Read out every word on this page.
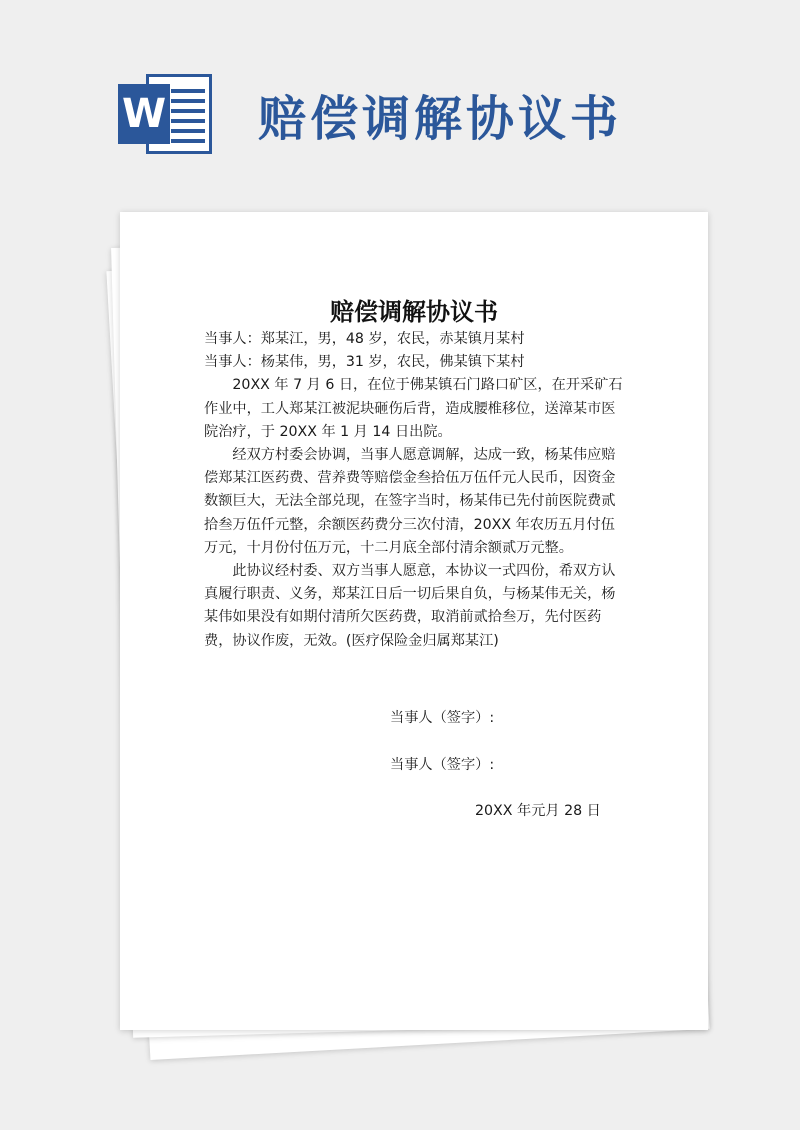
W 赔偿调解协议书
赔偿调解协议书

当事人：郑某江，男，48 岁，农民，赤某镇月某村

当事人：杨某伟，男，31 岁，农民，佛某镇下某村

20XX 年 7 月 6 日，在位于佛某镇石门路口矿区，在开采矿石作业中，工人郑某江被泥块砸伤后背，造成腰椎移位，送漳某市医院治疗，于 20XX 年 1 月 14 日出院。

经双方村委会协调，当事人愿意调解，达成一致，杨某伟应赔偿郑某江医药费、营养费等赔偿金叁拾伍万伍仟元人民币，因资金数额巨大，无法全部兑现，在签字当时，杨某伟已先付前医院费贰拾叁万伍仟元整，余额医药费分三次付清，20XX 年农历五月付伍万元，十月份付伍万元，十二月底全部付清余额贰万元整。

此协议经村委、双方当事人愿意，本协议一式四份，希双方认真履行职责、义务，郑某江日后一切后果自负，与杨某伟无关，杨某伟如果没有如期付清所欠医药费，取消前贰拾叁万，先付医药费，协议作废，无效。(医疗保险金归属郑某江)

当事人（签字）:
当事人（签字）:
20XX 年元月 28 日
